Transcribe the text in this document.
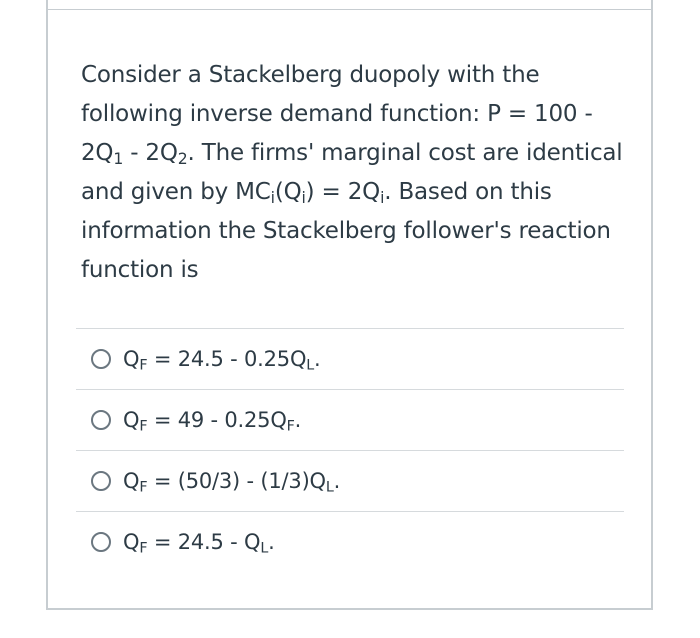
Consider a Stackelberg duopoly with the
following inverse demand function: P = 100 -
$2Q_1 - 2Q_2$. The firms' marginal cost are identical
and given by $MC_i(Q_i) = 2Q_i$. Based on this
information the Stackelberg follower's reaction
function is
$Q_F = 24.5 - 0.25Q_L$.
$Q_F = 49 - 0.25Q_F$.
$Q_F = (50/3) - (1/3)Q_L$.
$Q_F = 24.5 - Q_L$.
